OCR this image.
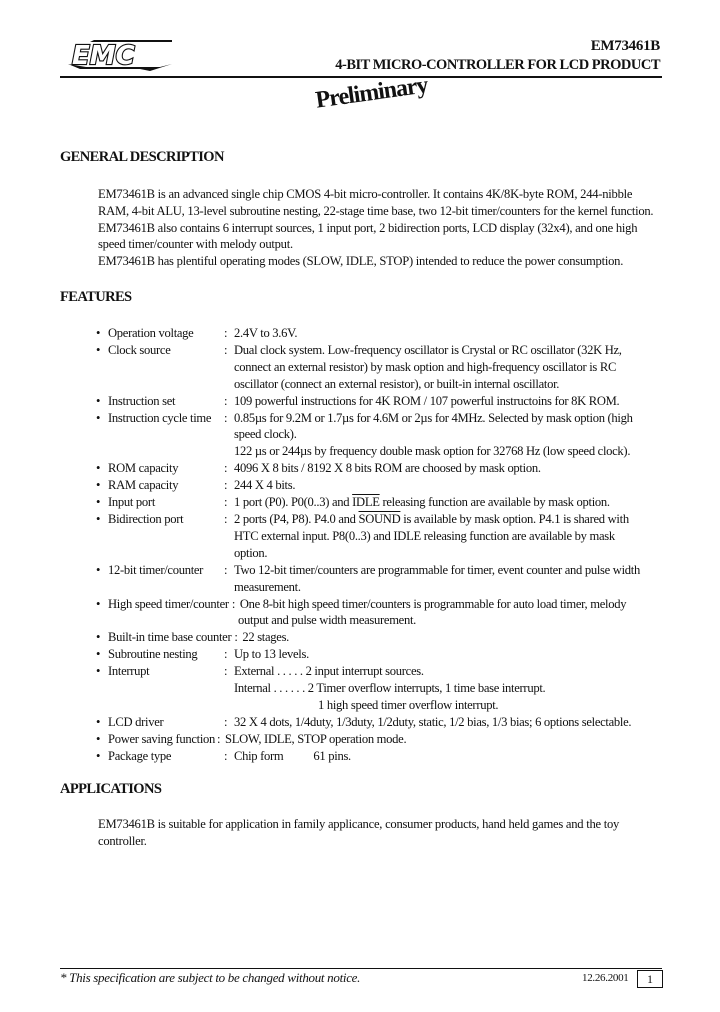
EMC	EM73461B
4-BIT MICRO-CONTROLLER FOR LCD PRODUCT
Preliminary
GENERAL DESCRIPTION

EM73461B is an advanced single chip CMOS 4-bit micro-controller. It contains 4K/8K-byte ROM, 244-nibble RAM, 4-bit ALU, 13-level subroutine nesting, 22-stage time base, two 12-bit timer/counters for the kernel function. EM73461B also contains 6 interrupt sources, 1 input port, 2 bidirection ports, LCD display (32x4), and one high speed timer/counter with melody output.

EM73461B has plentiful operating modes (SLOW, IDLE, STOP) intended to reduce the power consumption.

FEATURES
• Operation voltage	: 2.4V to 3.6V.
• Clock source	: Dual clock system. Low-frequency oscillator is Crystal or RC oscillator (32K Hz,
connect an external resistor) by mask option and high-frequency oscillator is RC
oscillator (connect an external resistor), or built-in internal oscillator.
• Instruction set	: 109 powerful instructions for 4K ROM / 107 powerful instructoins for 8K ROM.
• Instruction cycle time	: 0.85µs for 9.2M or 1.7µs for 4.6M or 2µs for 4MHz. Selected by mask option (high
speed clock).
122 µs or 244µs by frequency double mask option for 32768 Hz (low speed clock).
• ROM capacity	: 4096 X 8 bits / 8192 X 8 bits ROM are choosed by mask option.
• RAM capacity	: 244 X 4 bits.
• Input port	: 1 port (P0). P0(0..3) and IDLE releasing function are available by mask option.
• Bidirection port	: 2 ports (P4, P8). P4.0 and SOUND is available by mask option. P4.1 is shared with
HTC external input. P8(0..3) and IDLE releasing function are available by mask
option.
• 12-bit timer/counter	: Two 12-bit timer/counters are programmable for timer, event counter and pulse width
measurement.
• High speed timer/counter : One 8-bit high speed timer/counters is programmable for auto load timer, melody
output and pulse width measurement.
• Built-in time base counter : 22 stages.
• Subroutine nesting	: Up to 13 levels.
• Interrupt	: External . . . . . 2 input interrupt sources.
Internal . . . . . . 2 Timer overflow interrupts, 1 time base interrupt.
1 high speed timer overflow interrupt.
• LCD driver	: 32 X 4 dots, 1/4duty, 1/3duty, 1/2duty, static, 1/2 bias, 1/3 bias; 6 options selectable.
• Power saving function : SLOW, IDLE, STOP operation mode.
• Package type	: Chip form 61 pins.
APPLICATIONS
EM73461B is suitable for application in family applicance, consumer products, hand held games and the toy controller.
* This specification are subject to be changed without notice.	12.26.2001	1
